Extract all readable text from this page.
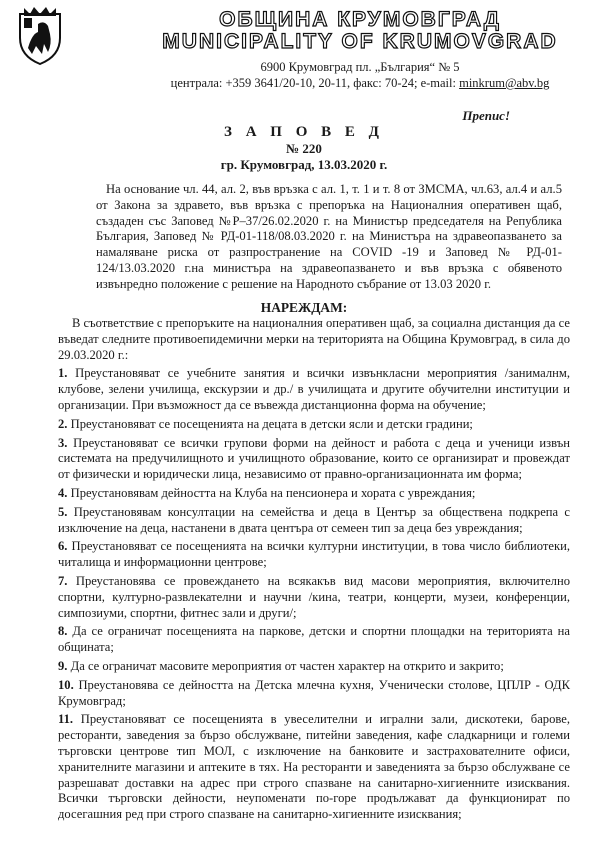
ОБЩИНА КРУМОВГРАД
MUNICIPALITY OF KRUMOVGRAD
6900 Крумовград пл. „България“ № 5
централа: +359 3641/20-10, 20-11, факс: 70-24; e-mail: minkrum@abv.bg
Препис!
З А П О В Е Д
№ 220
гр. Крумовград, 13.03.2020 г.
На основание чл. 44, ал. 2, във връзка с ал. 1, т. 1 и т. 8 от ЗМСМА, чл.63, ал.4 и ал.5 от Закона за здравето, във връзка с препоръка на Националния оперативен щаб, създаден със Заповед №Р–37/26.02.2020 г. на Министър председателя на Република България, Заповед № РД-01-118/08.03.2020 г. на Министъра на здравеопазването за намаляване риска от разпространение на COVID -19 и Заповед № РД-01-124/13.03.2020 г.на министъра на здравеопазването и във връзка с обявеното извънредно положение с решение на Народното събрание от 13.03 2020 г.
НАРЕЖДАМ:

В съответствие с препоръките на националния оперативен щаб, за социална дистанция да се въведат следните противоепидемични мерки на територията на Община Крумовград, в сила до 29.03.2020 г.:

1. Преустановяват се учебните занятия и всички извънкласни мероприятия /занималнм, клубове, зелени училища, екскурзии и др./ в училищата и другите обучителни институции и организации. При възможност да се въвежда дистанционна форма на обучение;

2. Преустановяват се посещенията на децата в детски ясли и детски градини;

3. Преустановяват се всички групови форми на дейност и работа с деца и ученици извън системата на предучилищното и училищното образование, които се организират и провеждат от физически и юридически лица, независимо от правно-организационната им форма;

4. Преустановявам дейността на Клуба на пенсионера и хората с увреждания;

5. Преустановявам консултации на семейства и деца в Център за обществена подкрепа с изключение на деца, настанени в двата центъра от семеен тип за деца без увреждания;

6. Преустановяват се посещенията на всички културни институции, в това число библиотеки, читалища и информационни центрове;

7. Преустановява се провеждането на всякакъв вид масови мероприятия, включително спортни, културно-развлекателни и научни /кина, театри, концерти, музеи, конференции, симпозиуми, спортни, фитнес зали и други/;

8. Да се ограничат посещенията на паркове, детски и спортни площадки на територията на общината;

9. Да се ограничат масовите мероприятия от частен характер на открито и закрито;

10. Преустановява се дейността на Детска млечна кухня, Ученически столове, ЦПЛР - ОДК Крумовград;

11. Преустановяват се посещенията в увеселителни и игрални зали, дискотеки, барове, ресторанти, заведения за бързо обслужване, питейни заведения, кафе сладкарници и големи търговски центрове тип МОЛ, с изключение на банковите и застрахователните офиси, хранителните магазини и аптеките в тях. На ресторанти и заведенията за бързо обслужване се разрешават доставки на адрес при строго спазване на санитарно-хигиенните изисквания. Всички търговски дейности, неупоменати по-горе продължават да функционират по досегашния ред при строго спазване на санитарно-хигиенните изисквания;
